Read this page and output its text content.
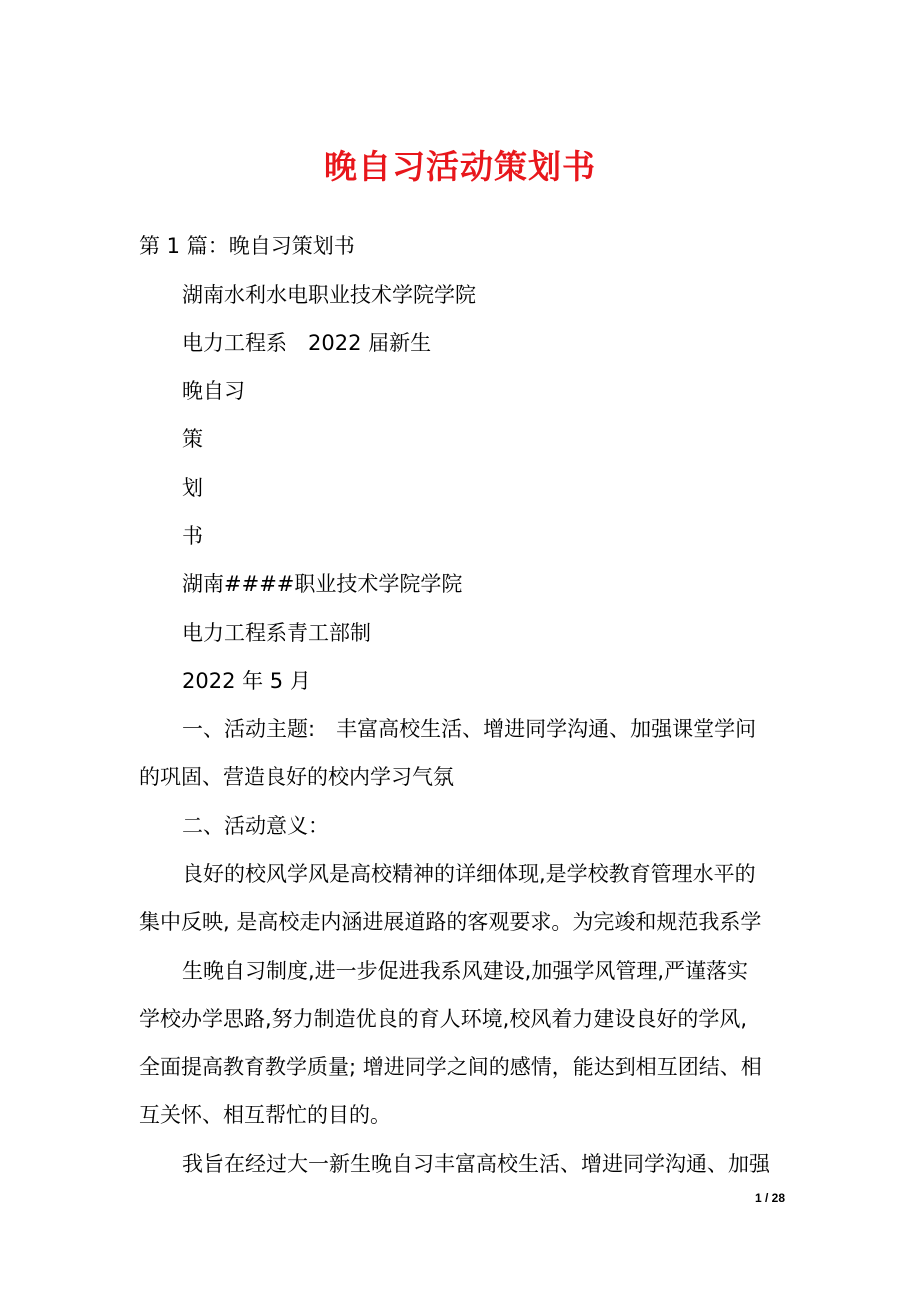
晚自习活动策划书
第 1 篇：晚自习策划书
湖南水利水电职业技术学院学院
电力工程系　2022 届新生
晚自习
策
划
书
湖南####职业技术学院学院
电力工程系青工部制
2022 年 5 月
一、活动主题:　丰富高校生活、增进同学沟通、加强课堂学问
的巩固、营造良好的校内学习气氛
二、活动意义：
良好的校风学风是高校精神的详细体现,是学校教育管理水平的
集中反映, 是高校走内涵进展道路的客观要求。为完竣和规范我系学
生晚自习制度,进一步促进我系风建设,加强学风管理,严谨落实
学校办学思路,努力制造优良的育人环境,校风着力建设良好的学风,
全面提高教育教学质量; 增进同学之间的感情，能达到相互团结、相
互关怀、相互帮忙的目的。
我旨在经过大一新生晚自习丰富高校生活、增进同学沟通、加强
1 / 28
